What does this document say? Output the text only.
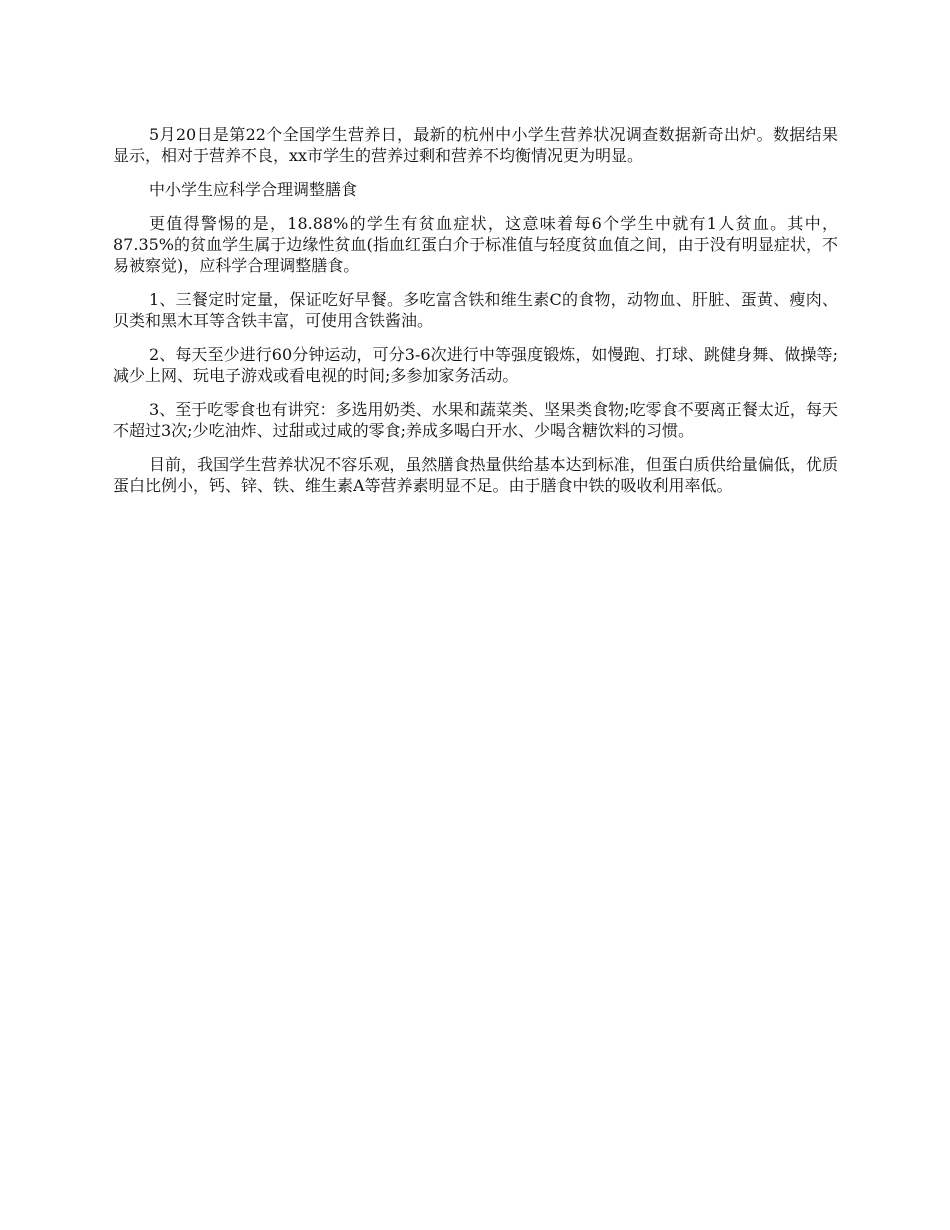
5月20日是第22个全国学生营养日，最新的杭州中小学生营养状况调查数据新奇出炉。数据结果显示，相对于营养不良，xx市学生的营养过剩和营养不均衡情况更为明显。

中小学生应科学合理调整膳食

更值得警惕的是，18.88%的学生有贫血症状，这意味着每6个学生中就有1人贫血。其中，87.35%的贫血学生属于边缘性贫血(指血红蛋白介于标准值与轻度贫血值之间，由于没有明显症状，不易被察觉)，应科学合理调整膳食。

1、三餐定时定量，保证吃好早餐。多吃富含铁和维生素C的食物，动物血、肝脏、蛋黄、瘦肉、贝类和黑木耳等含铁丰富，可使用含铁酱油。

2、每天至少进行60分钟运动，可分3-6次进行中等强度锻炼，如慢跑、打球、跳健身舞、做操等;减少上网、玩电子游戏或看电视的时间;多参加家务活动。

3、至于吃零食也有讲究：多选用奶类、水果和蔬菜类、坚果类食物;吃零食不要离正餐太近，每天不超过3次;少吃油炸、过甜或过咸的零食;养成多喝白开水、少喝含糖饮料的习惯。

目前，我国学生营养状况不容乐观，虽然膳食热量供给基本达到标准，但蛋白质供给量偏低，优质蛋白比例小，钙、锌、铁、维生素A等营养素明显不足。由于膳食中铁的吸收利用率低。
